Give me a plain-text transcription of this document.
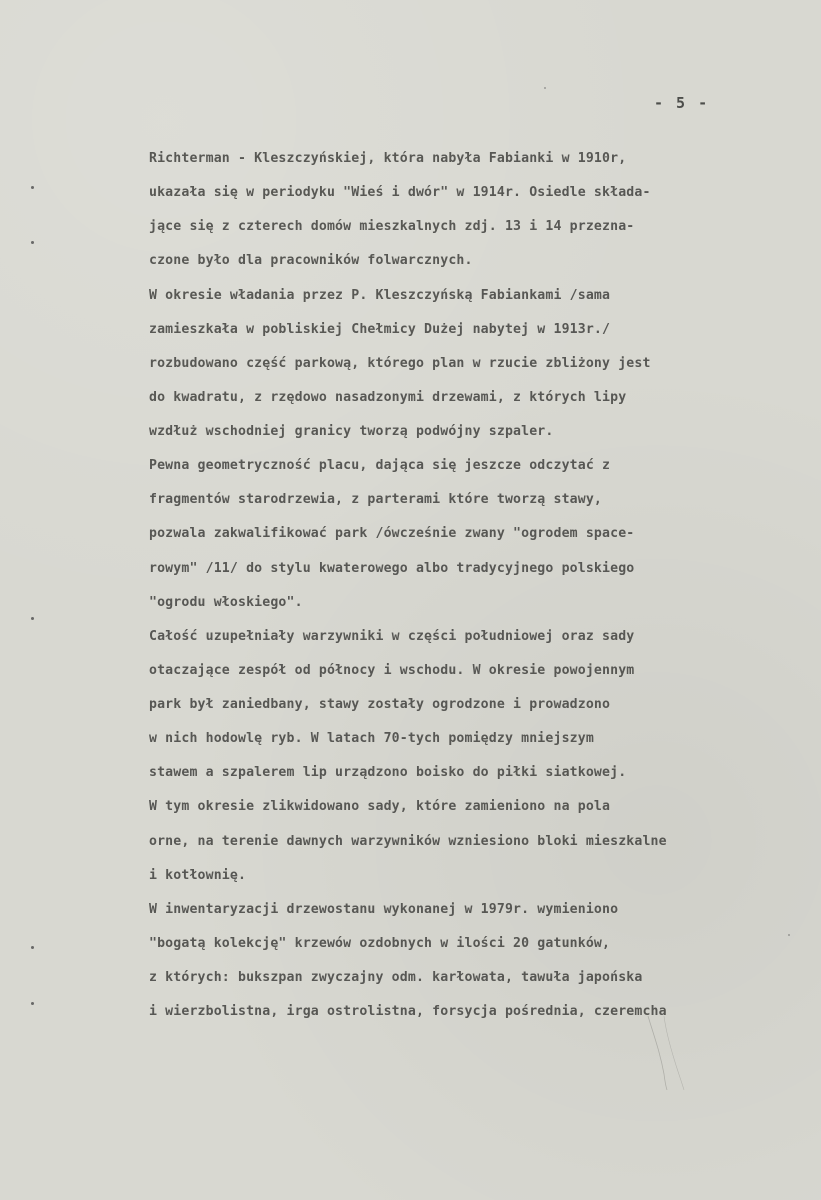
- 5 -
Richterman - Kleszczyńskiej, która nabyła Fabianki w 1910r,
ukazała się w periodyku "Wieś i dwór" w 1914r. Osiedle składa-
jące się z czterech domów mieszkalnych zdj. 13 i 14 przezna-
czone było dla pracowników folwarcznych.
W okresie władania przez P. Kleszczyńską Fabiankami /sama
zamieszkała w pobliskiej Chełmicy Dużej nabytej w 1913r./
rozbudowano część parkową, którego plan w rzucie zbliżony jest
do kwadratu, z rzędowo nasadzonymi drzewami, z których lipy
wzdłuż wschodniej granicy tworzą podwójny szpaler.
Pewna geometryczność placu, dająca się jeszcze odczytać z
fragmentów starodrzewia, z parterami które tworzą stawy,
pozwala zakwalifikować park /ówcześnie zwany "ogrodem space-
rowym" /11/ do stylu kwaterowego albo tradycyjnego polskiego
"ogrodu włoskiego".
Całość uzupełniały warzywniki w części południowej oraz sady
otaczające zespół od północy i wschodu. W okresie powojennym
park był zaniedbany, stawy zostały ogrodzone i prowadzono
w nich hodowlę ryb. W latach 70-tych pomiędzy mniejszym
stawem a szpalerem lip urządzono boisko do piłki siatkowej.
W tym okresie zlikwidowano sady, które zamieniono na pola
orne, na terenie dawnych warzywników wzniesiono bloki mieszkalne
i kotłownię.
W inwentaryzacji drzewostanu wykonanej w 1979r. wymieniono
"bogatą kolekcję" krzewów ozdobnych w ilości 20 gatunków,
z których: bukszpan zwyczajny odm. karłowata, tawuła japońska
i wierzbolistna, irga ostrolistna, forsycja pośrednia, czeremcha
